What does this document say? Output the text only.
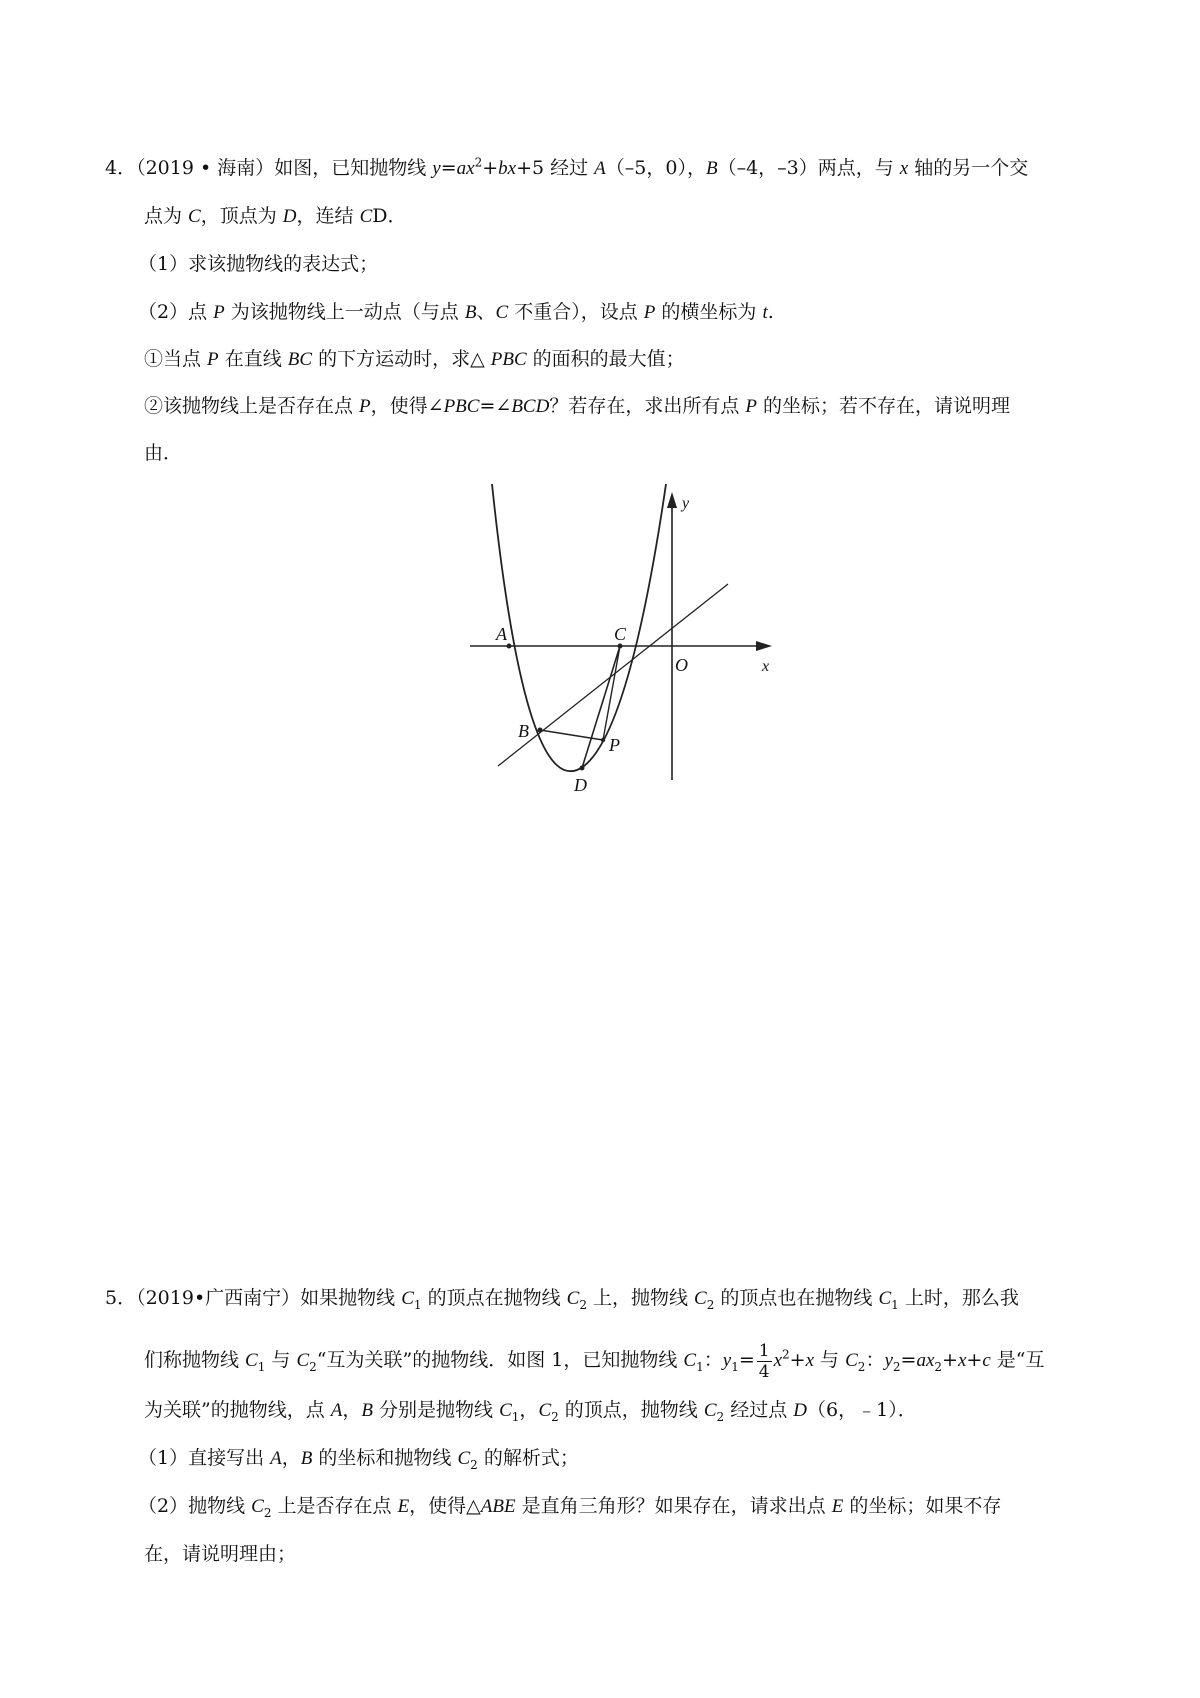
4．（2019 • 海南）如图，已知抛物线 $y=ax^2+bx+5$ 经过 A（–5，0），B（–4，–3）两点，与 x 轴的另一个交
点为 C，顶点为 D，连结 CD．
（1）求该抛物线的表达式；
（2）点 P 为该抛物线上一动点（与点 B、C 不重合），设点 P 的横坐标为 t.
①当点 P 在直线 BC 的下方运动时，求△ PBC 的面积的最大值；
②该抛物线上是否存在点 P，使得∠PBC=∠BCD？若存在，求出所有点 P 的坐标；若不存在，请说明理
由．
A	C
O	x
y
B
P
D
5．（2019•广西南宁）如果抛物线 $C_1$ 的顶点在抛物线 $C_2$ 上，抛物线 $C_2$ 的顶点也在抛物线 $C_1$ 上时，那么我
们称抛物线 $C_1$ 与 $C_2“$互为关联”的抛物线．如图 1，已知抛物线 $C_1$：$y_1= \frac{1}{4} x^2+x$ 与 $C_2$：$y_2=ax_2+x+c$ 是“互
为关联”的抛物线，点 A，B 分别是抛物线 $C_1$，$C_2$ 的顶点，抛物线 $C_2$ 经过点 D（6，﹣1）．
（1）直接写出 A，B 的坐标和抛物线 $C_2$ 的解析式；
（2）抛物线 $C_2$ 上是否存在点 E，使得△ABE 是直角三角形？如果存在，请求出点 E 的坐标；如果不存
在，请说明理由；
